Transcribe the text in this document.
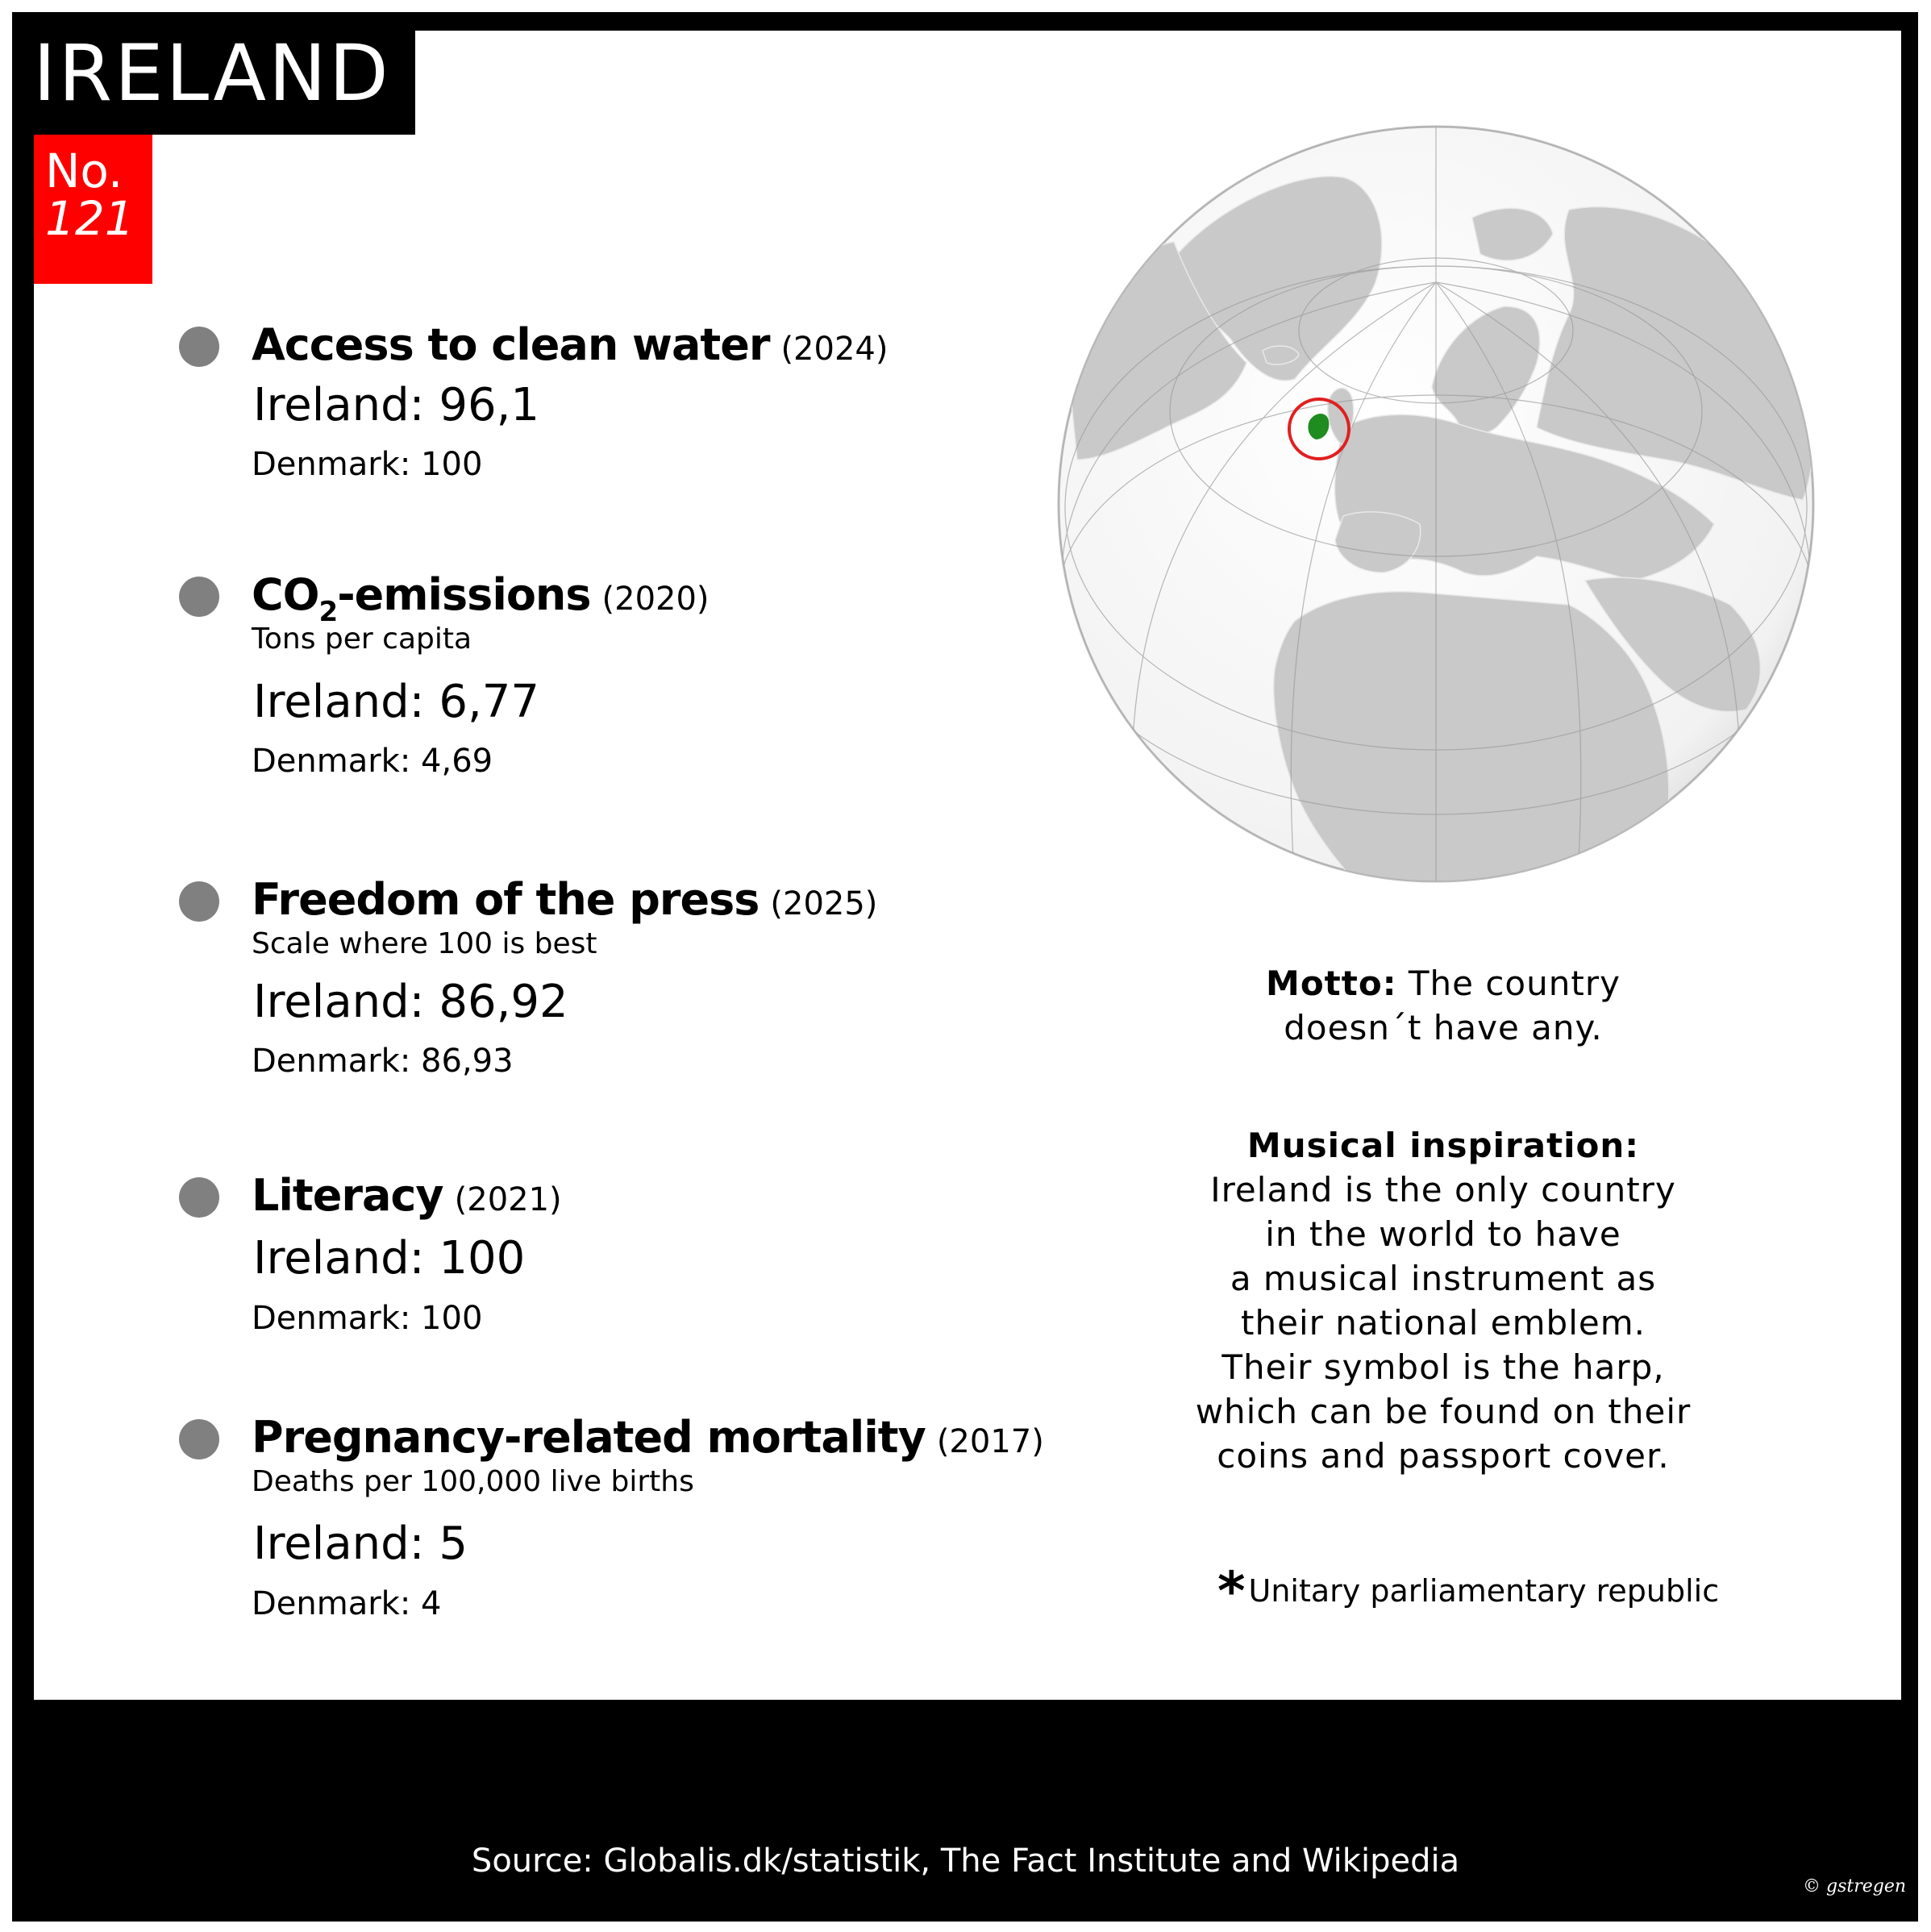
IRELAND
No.
121
Access to clean water (2024)
Ireland: 96,1
Denmark: 100
$CO_2$-emissions (2020)
Tons per capita
Ireland: 6,77
Denmark: 4,69
Freedom of the press (2025)
Scale where 100 is best
Ireland: 86,92
Denmark: 86,93
Literacy (2021)
Ireland: 100
Denmark: 100
Pregnancy-related mortality (2017)
Deaths per 100,000 live births
Ireland: 5
Denmark: 4
Motto: The country
doesn´t have any.
Musical inspiration:
Ireland is the only country
in the world to have
a musical instrument as
their national emblem.
Their symbol is the harp,
which can be found on their
coins and passport cover.
* Unitary parliamentary republic
Source: Globalis.dk/statistik, The Fact Institute and Wikipedia
© gstregen
